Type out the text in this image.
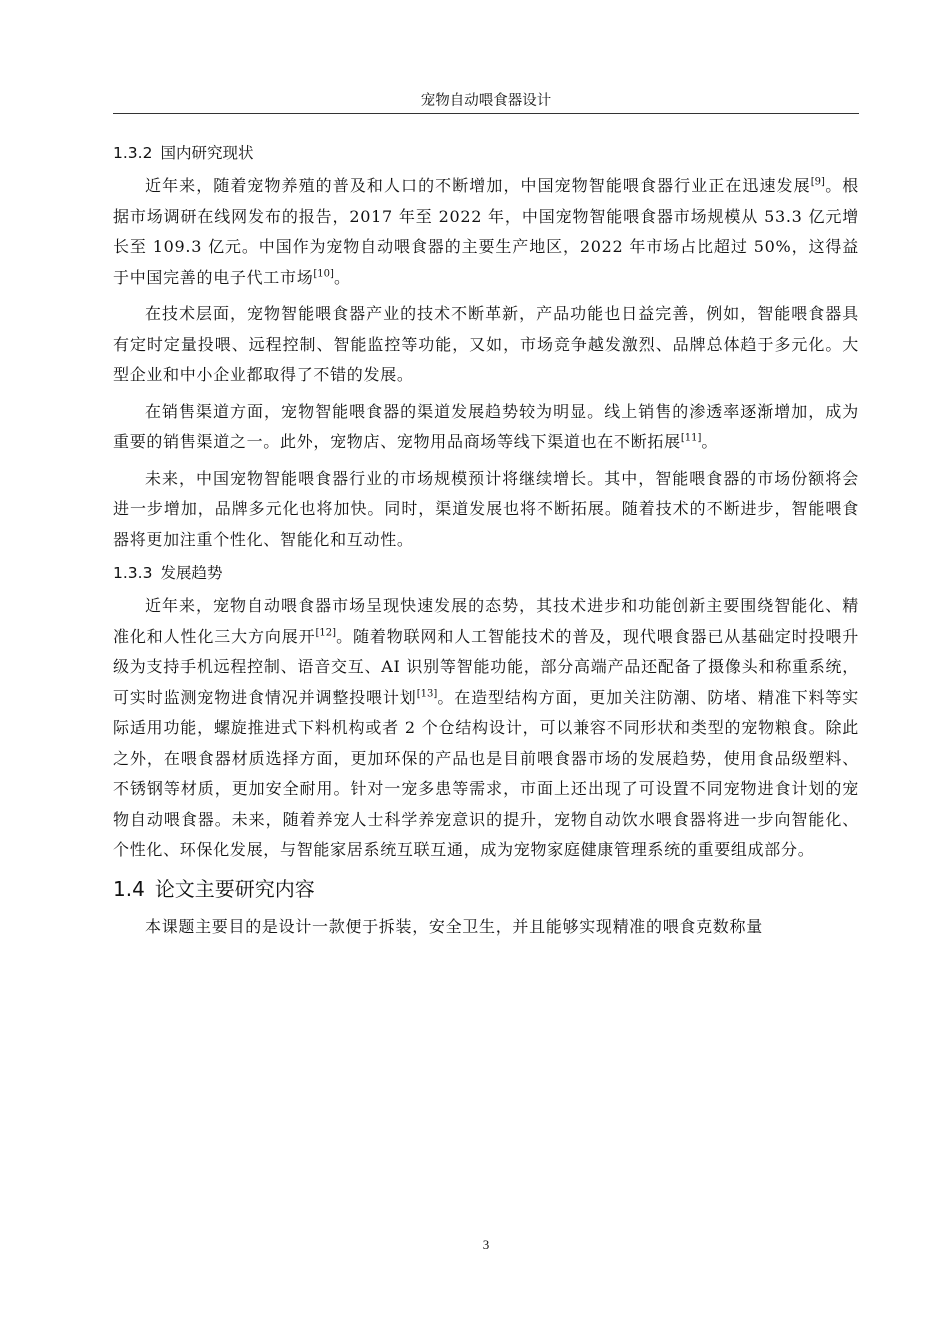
宠物自动喂食器设计
1.3.2 国内研究现状

近年来，随着宠物养殖的普及和人口的不断增加，中国宠物智能喂食器行业正在迅速发展[9]。根据市场调研在线网发布的报告，2017 年至 2022 年，中国宠物智能喂食器市场规模从 53.3 亿元增长至 109.3 亿元。中国作为宠物自动喂食器的主要生产地区，2022 年市场占比超过 50%，这得益于中国完善的电子代工市场[10]。

在技术层面，宠物智能喂食器产业的技术不断革新，产品功能也日益完善，例如，智能喂食器具有定时定量投喂、远程控制、智能监控等功能，又如，市场竞争越发激烈、品牌总体趋于多元化。大型企业和中小企业都取得了不错的发展。

在销售渠道方面，宠物智能喂食器的渠道发展趋势较为明显。线上销售的渗透率逐渐增加，成为重要的销售渠道之一。此外，宠物店、宠物用品商场等线下渠道也在不断拓展[11]。

未来，中国宠物智能喂食器行业的市场规模预计将继续增长。其中，智能喂食器的市场份额将会进一步增加，品牌多元化也将加快。同时，渠道发展也将不断拓展。随着技术的不断进步，智能喂食器将更加注重个性化、智能化和互动性。

1.3.3 发展趋势

近年来，宠物自动喂食器市场呈现快速发展的态势，其技术进步和功能创新主要围绕智能化、精准化和人性化三大方向展开[12]。随着物联网和人工智能技术的普及，现代喂食器已从基础定时投喂升级为支持手机远程控制、语音交互、AI 识别等智能功能，部分高端产品还配备了摄像头和称重系统，可实时监测宠物进食情况并调整投喂计划[13]。在造型结构方面，更加关注防潮、防堵、精准下料等实际适用功能，螺旋推进式下料机构或者 2 个仓结构设计，可以兼容不同形状和类型的宠物粮食。除此之外，在喂食器材质选择方面，更加环保的产品也是目前喂食器市场的发展趋势，使用食品级塑料、不锈钢等材质，更加安全耐用。针对一宠多患等需求，市面上还出现了可设置不同宠物进食计划的宠物自动喂食器。未来，随着养宠人士科学养宠意识的提升，宠物自动饮水喂食器将进一步向智能化、个性化、环保化发展，与智能家居系统互联互通，成为宠物家庭健康管理系统的重要组成部分。

1.4 论文主要研究内容

本课题主要目的是设计一款便于拆装，安全卫生，并且能够实现精准的喂食克数称量

3
